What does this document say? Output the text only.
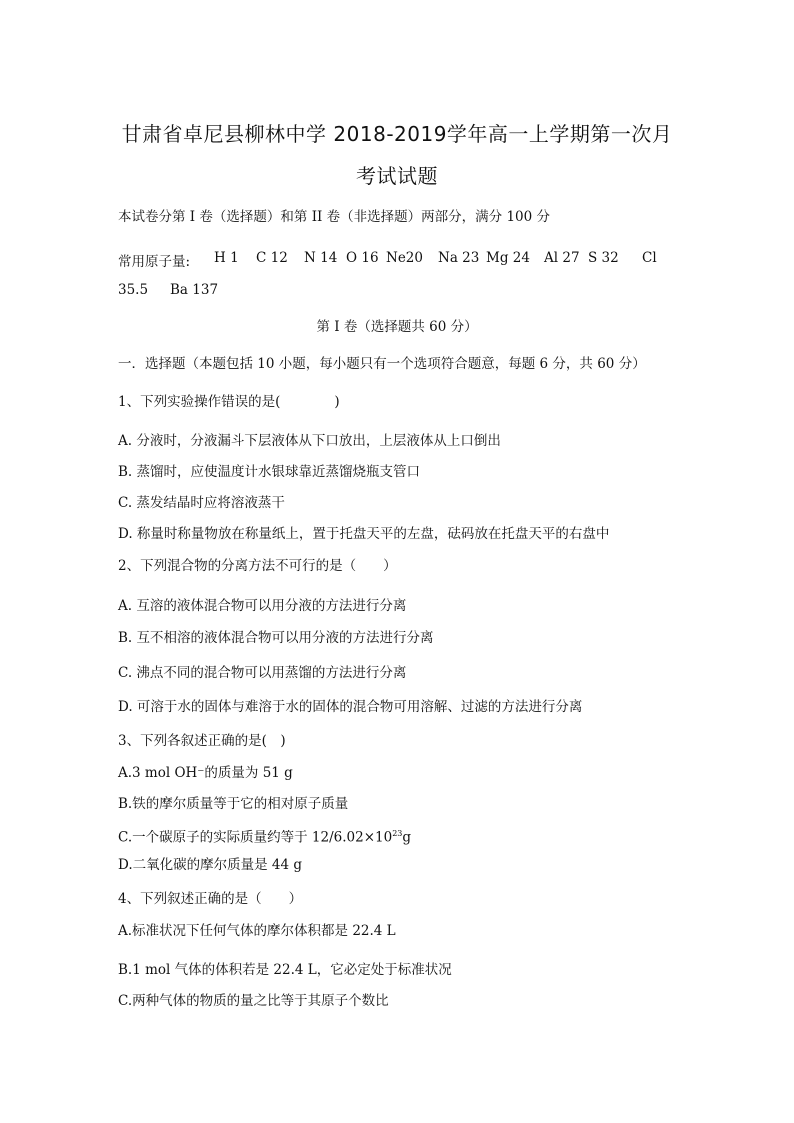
甘肃省卓尼县柳林中学 2018-2019学年高一上学期第一次月
考试试题
本试卷分第 I 卷（选择题）和第 II 卷（非选择题）两部分，满分 100 分
常用原子量: H 1 C 12 N 14 O 16 Ne20 Na 23 Mg 24 Al 27 S 32 Cl
35.5 Ba 137
第 I 卷（选择题共 60 分）
一．选择题（本题包括 10 小题，每小题只有一个选项符合题意，每题 6 分，共 60 分）
1、下列实验操作错误的是(　　　　)
A. 分液时，分液漏斗下层液体从下口放出，上层液体从上口倒出
B. 蒸馏时，应使温度计水银球靠近蒸馏烧瓶支管口
C. 蒸发结晶时应将溶液蒸干
D. 称量时称量物放在称量纸上，置于托盘天平的左盘，砝码放在托盘天平的右盘中
2、下列混合物的分离方法不可行的是（　　）
A. 互溶的液体混合物可以用分液的方法进行分离
B. 互不相溶的液体混合物可以用分液的方法进行分离
C. 沸点不同的混合物可以用蒸馏的方法进行分离
D. 可溶于水的固体与难溶于水的固体的混合物可用溶解、过滤的方法进行分离
3、下列各叙述正确的是(　)
A.3 mol OH⁻的质量为 51 g
B.铁的摩尔质量等于它的相对原子质量
C.一个碳原子的实际质量约等于 $12/6.02\times 10^{23}g$
D.二氧化碳的摩尔质量是 44 g
4、下列叙述正确的是（　　）
A.标准状况下任何气体的摩尔体积都是 22.4 L
B.1 mol 气体的体积若是 22.4 L，它必定处于标准状况
C.两种气体的物质的量之比等于其原子个数比
